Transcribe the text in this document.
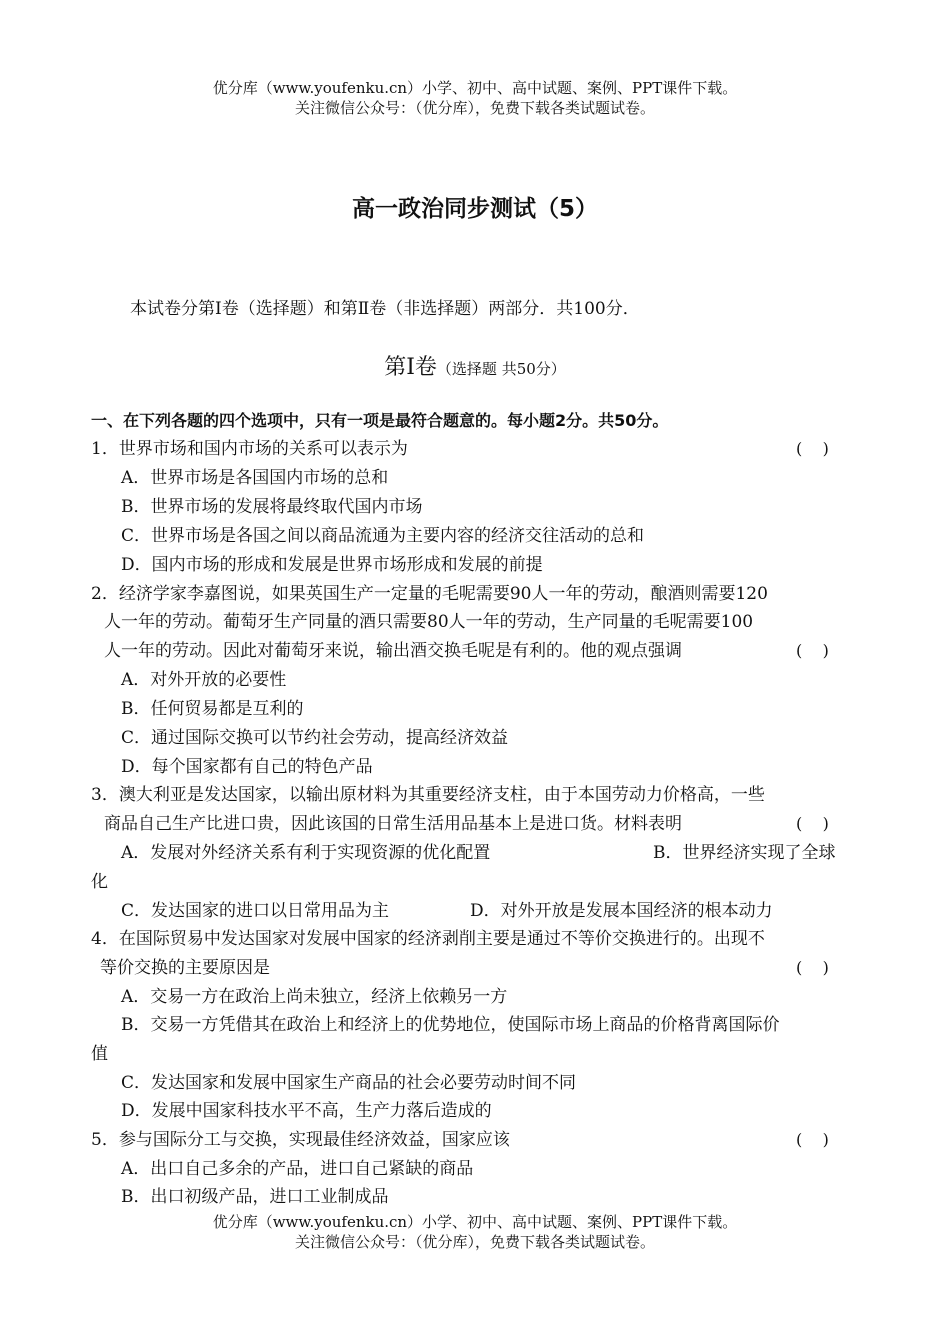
优分库（www.youfenku.cn）小学、初中、高中试题、案例、PPT课件下载。
关注微信公众号：（优分库），免费下载各类试题试卷。
高一政治同步测试（5）
本试卷分第Ⅰ卷（选择题）和第Ⅱ卷（非选择题）两部分．共100分．
第Ⅰ卷（选择题 共50分）
一、在下列各题的四个选项中，只有一项是最符合题意的。每小题2分。共50分。
1．世界市场和国内市场的关系可以表示为	(    )
A．世界市场是各国国内市场的总和
B．世界市场的发展将最终取代国内市场
C．世界市场是各国之间以商品流通为主要内容的经济交往活动的总和
D．国内市场的形成和发展是世界市场形成和发展的前提
2．经济学家李嘉图说，如果英国生产一定量的毛呢需要90人一年的劳动，酿酒则需要120
人一年的劳动。葡萄牙生产同量的酒只需要80人一年的劳动，生产同量的毛呢需要100
人一年的劳动。因此对葡萄牙来说，输出酒交换毛呢是有利的。他的观点强调	(    )
A．对外开放的必要性
B．任何贸易都是互利的
C．通过国际交换可以节约社会劳动，提高经济效益
D．每个国家都有自己的特色产品
3．澳大利亚是发达国家，以输出原材料为其重要经济支柱，由于本国劳动力价格高，一些
商品自己生产比进口贵，因此该国的日常生活用品基本上是进口货。材料表明	(    )
A．发展对外经济关系有利于实现资源的优化配置	B．世界经济实现了全球
化
C．发达国家的进口以日常用品为主	D．对外开放是发展本国经济的根本动力
4．在国际贸易中发达国家对发展中国家的经济剥削主要是通过不等价交换进行的。出现不
等价交换的主要原因是	(    )
A．交易一方在政治上尚未独立，经济上依赖另一方
B．交易一方凭借其在政治上和经济上的优势地位，使国际市场上商品的价格背离国际价
值
C．发达国家和发展中国家生产商品的社会必要劳动时间不同
D．发展中国家科技水平不高，生产力落后造成的
5．参与国际分工与交换，实现最佳经济效益，国家应该	(    )
A．出口自己多余的产品，进口自己紧缺的商品
B．出口初级产品，进口工业制成品
优分库（www.youfenku.cn）小学、初中、高中试题、案例、PPT课件下载。
关注微信公众号：（优分库），免费下载各类试题试卷。
